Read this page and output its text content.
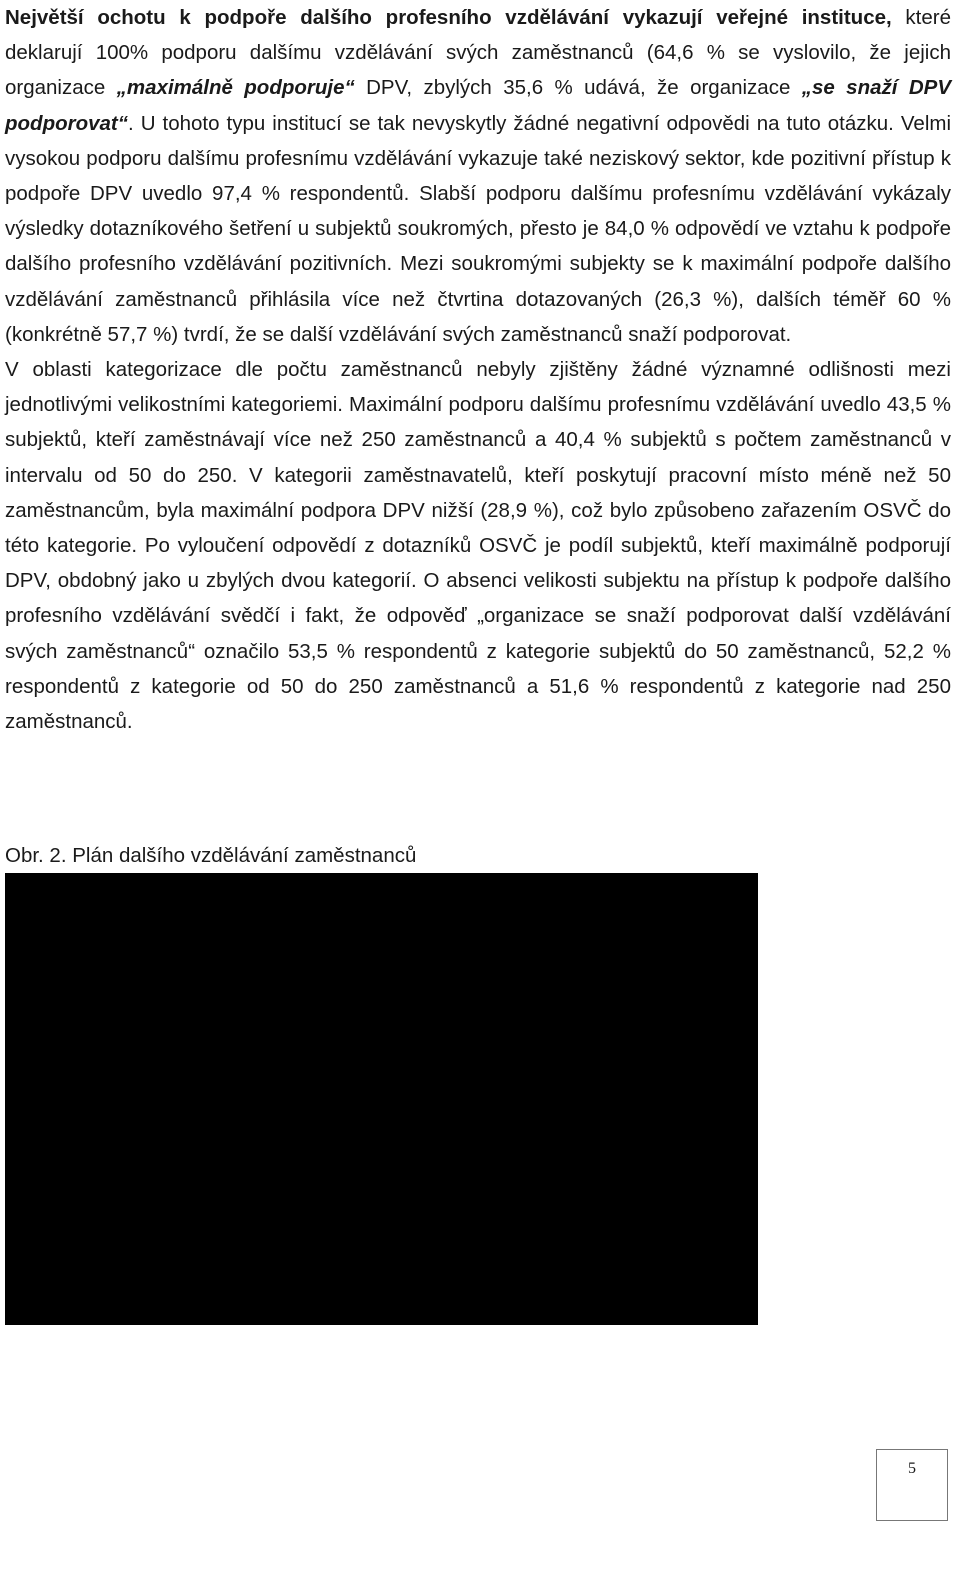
Největší ochotu k podpoře dalšího profesního vzdělávání vykazují veřejné instituce, které deklarují 100% podporu dalšímu vzdělávání svých zaměstnanců (64,6 % se vyslovilo, že jejich organizace „maximálně podporuje“ DPV, zbylých 35,6 % udává, že organizace „se snaží DPV podporovat“. U tohoto typu institucí se tak nevyskytly žádné negativní odpovědi na tuto otázku. Velmi vysokou podporu dalšímu profesnímu vzdělávání vykazuje také neziskový sektor, kde pozitivní přístup k podpoře DPV uvedlo 97,4 % respondentů. Slabší podporu dalšímu profesnímu vzdělávání vykázaly výsledky dotazníkového šetření u subjektů soukromých, přesto je 84,0 % odpovědí ve vztahu k podpoře dalšího profesního vzdělávání pozitivních. Mezi soukromými subjekty se k maximální podpoře dalšího vzdělávání zaměstnanců přihlásila více než čtvrtina dotazovaných (26,3 %), dalších téměř 60 % (konkrétně 57,7 %) tvrdí, že se další vzdělávání svých zaměstnanců snaží podporovat.

V oblasti kategorizace dle počtu zaměstnanců nebyly zjištěny žádné významné odlišnosti mezi jednotlivými velikostními kategoriemi. Maximální podporu dalšímu profesnímu vzdělávání uvedlo 43,5 % subjektů, kteří zaměstnávají více než 250 zaměstnanců a 40,4 % subjektů s počtem zaměstnanců v intervalu od 50 do 250. V kategorii zaměstnavatelů, kteří poskytují pracovní místo méně než 50 zaměstnancům, byla maximální podpora DPV nižší (28,9 %), což bylo způsobeno zařazením OSVČ do této kategorie. Po vyloučení odpovědí z dotazníků OSVČ je podíl subjektů, kteří maximálně podporují DPV, obdobný jako u zbylých dvou kategorií. O absenci velikosti subjektu na přístup k podpoře dalšího profesního vzdělávání svědčí i fakt, že odpověď „organizace se snaží podporovat další vzdělávání svých zaměstnanců“ označilo 53,5 % respondentů z kategorie subjektů do 50 zaměstnanců, 52,2 % respondentů z kategorie od 50 do 250 zaměstnanců a 51,6 % respondentů z kategorie nad 250 zaměstnanců.

Obr. 2. Plán dalšího vzdělávání zaměstnanců
5
